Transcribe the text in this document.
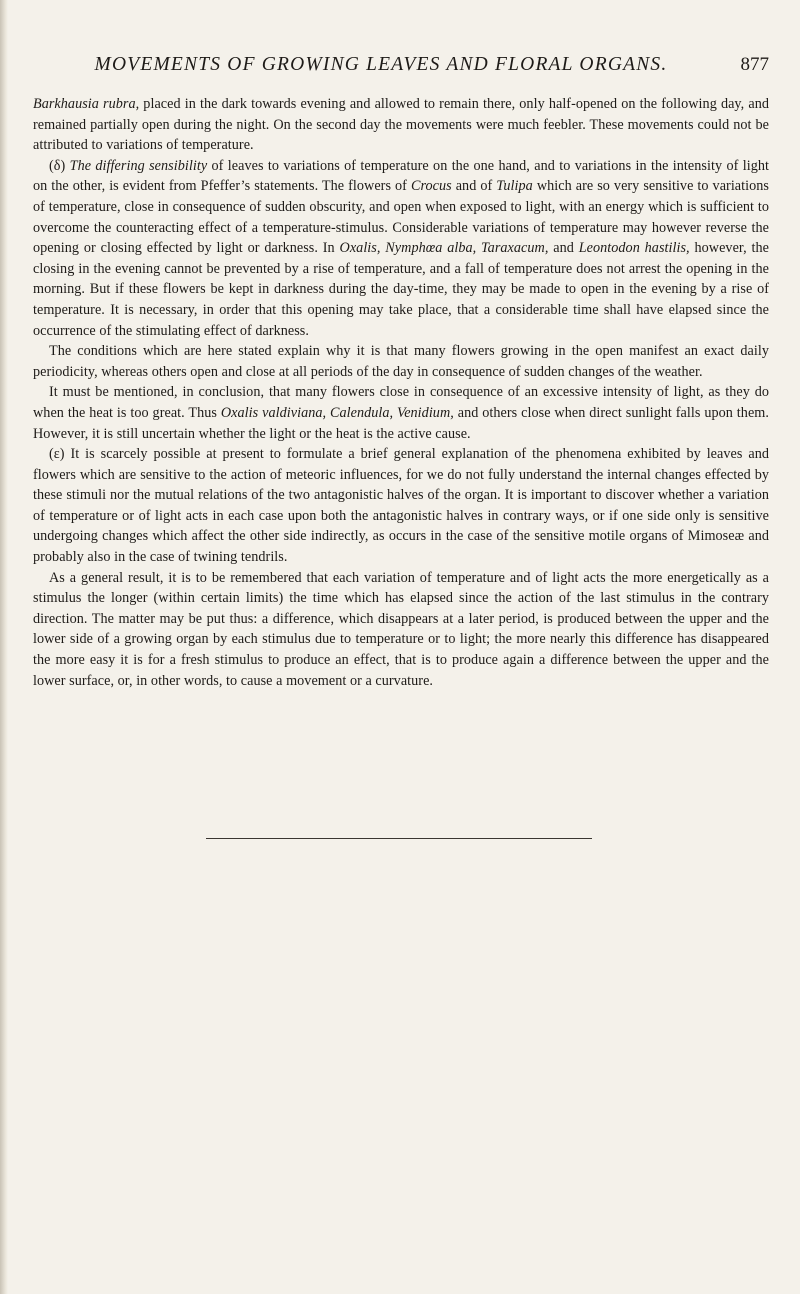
MOVEMENTS OF GROWING LEAVES AND FLORAL ORGANS.	877

Barkhausia rubra, placed in the dark towards evening and allowed to remain there, only half-opened on the following day, and remained partially open during the night. On the second day the movements were much feebler. These movements could not be attributed to variations of temperature.

(δ) The differing sensibility of leaves to variations of temperature on the one hand, and to variations in the intensity of light on the other, is evident from Pfeffer’s statements. The flowers of Crocus and of Tulipa which are so very sensitive to variations of temperature, close in consequence of sudden obscurity, and open when exposed to light, with an energy which is sufficient to overcome the counteracting effect of a temperature-stimulus. Considerable variations of temperature may however reverse the opening or closing effected by light or darkness. In Oxalis, Nymphœa alba, Taraxacum, and Leontodon hastilis, however, the closing in the evening cannot be prevented by a rise of temperature, and a fall of temperature does not arrest the opening in the morning. But if these flowers be kept in darkness during the day-time, they may be made to open in the evening by a rise of temperature. It is necessary, in order that this opening may take place, that a considerable time shall have elapsed since the occurrence of the stimulating effect of darkness.

The conditions which are here stated explain why it is that many flowers growing in the open manifest an exact daily periodicity, whereas others open and close at all periods of the day in consequence of sudden changes of the weather.

It must be mentioned, in conclusion, that many flowers close in consequence of an excessive intensity of light, as they do when the heat is too great. Thus Oxalis valdiviana, Calendula, Venidium, and others close when direct sunlight falls upon them. However, it is still uncertain whether the light or the heat is the active cause.

(ε) It is scarcely possible at present to formulate a brief general explanation of the phenomena exhibited by leaves and flowers which are sensitive to the action of meteoric influences, for we do not fully understand the internal changes effected by these stimuli nor the mutual relations of the two antagonistic halves of the organ. It is important to discover whether a variation of temperature or of light acts in each case upon both the antagonistic halves in contrary ways, or if one side only is sensitive undergoing changes which affect the other side indirectly, as occurs in the case of the sensitive motile organs of Mimoseæ and probably also in the case of twining tendrils.

As a general result, it is to be remembered that each variation of temperature and of light acts the more energetically as a stimulus the longer (within certain limits) the time which has elapsed since the action of the last stimulus in the contrary direction. The matter may be put thus: a difference, which disappears at a later period, is produced between the upper and the lower side of a growing organ by each stimulus due to temperature or to light; the more nearly this difference has disappeared the more easy it is for a fresh stimulus to produce an effect, that is to produce again a difference between the upper and the lower surface, or, in other words, to cause a movement or a curvature.
